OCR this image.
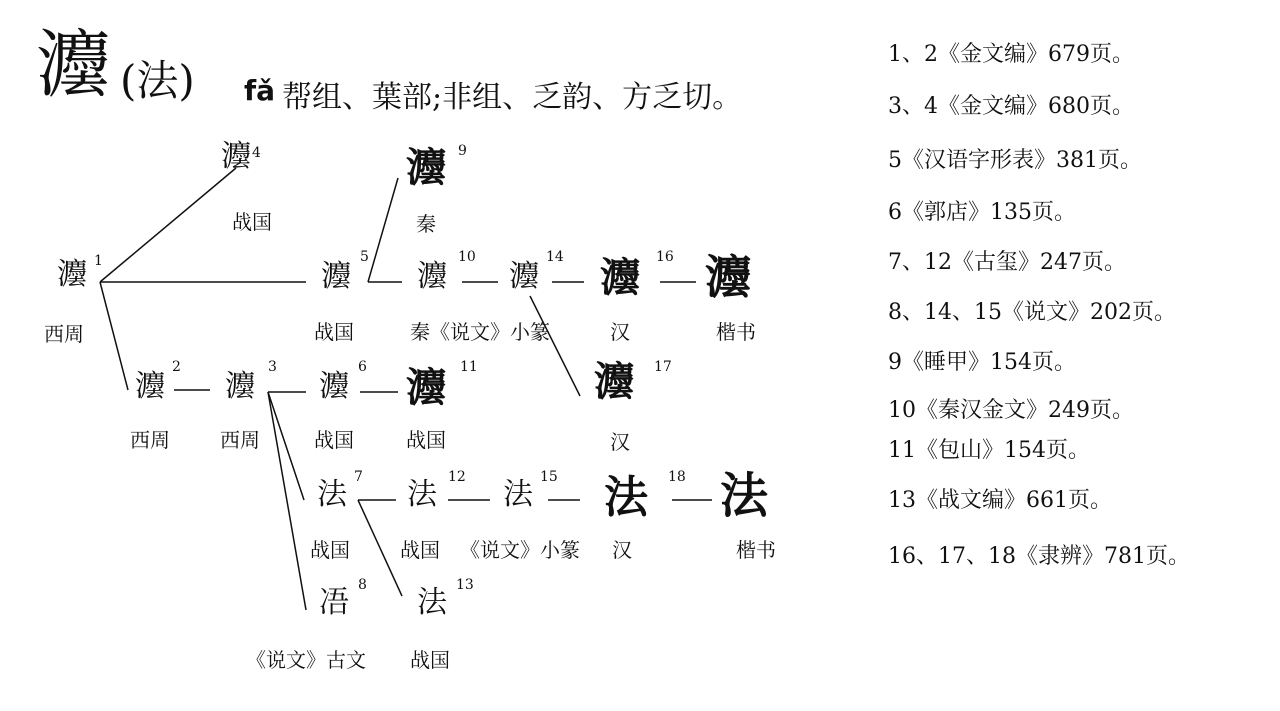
灋 (法) fǎ 帮组、葉部;非组、乏韵、方乏切。
灋 4
战国
灋 9
秦
灋 1
西周
灋
5
战国
灋
10
秦《说文》小篆
灋
14 灋 16
汉
灋
楷书
灋
2
西周
灋
3
西周
灋
6
战国
灋 11
战国
灋 17
汉
法 7
战国
法 12
战国
法 15
《说文》小篆
法 18
汉
法
楷书
𠗐 8
《说文》古文
法 13
战国
1、2《金文编》679页。
3、4《金文编》680页。
5《汉语字形表》381页。
6《郭店》135页。
7、12《古玺》247页。
8、14、15《说文》202页。
9《睡甲》154页。
10《秦汉金文》249页。
11《包山》154页。
13《战文编》661页。
16、17、18《隶辨》781页。
